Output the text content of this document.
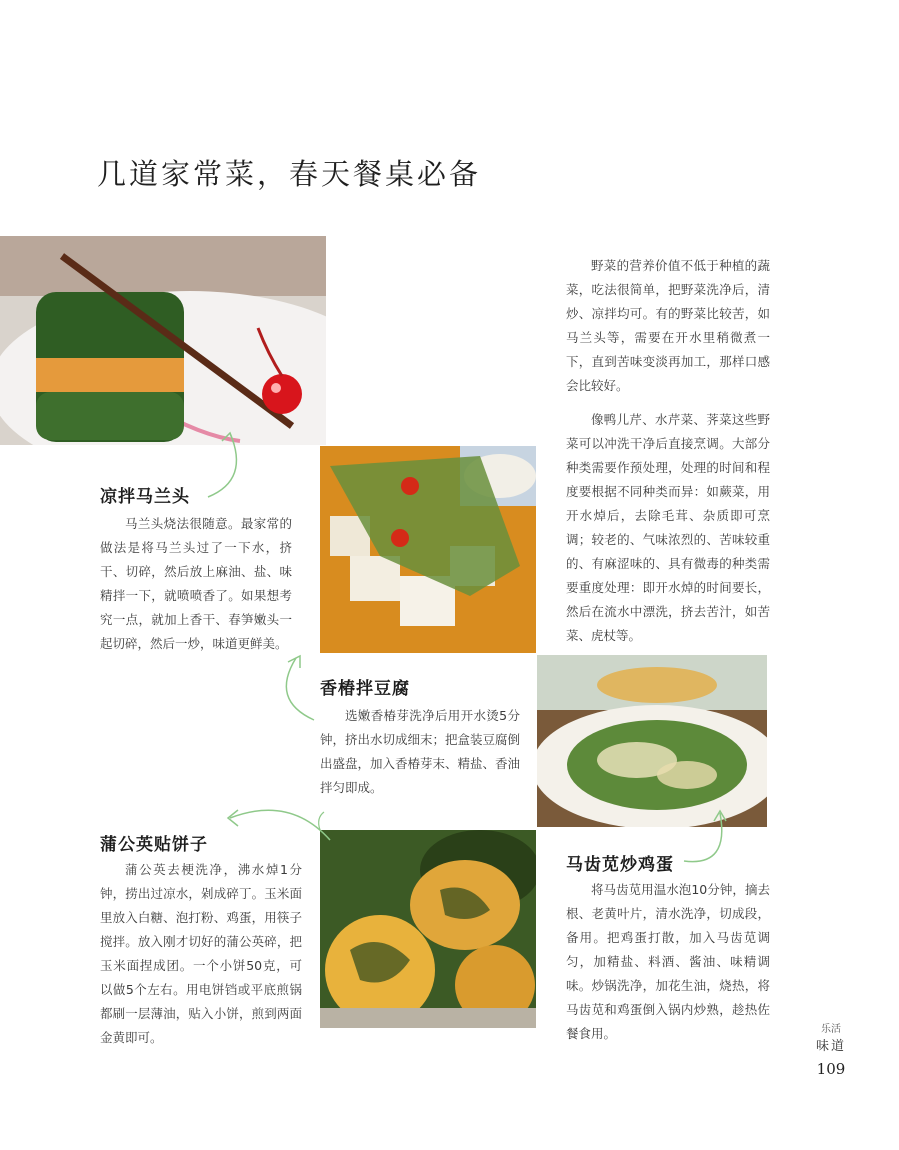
几道家常菜，春天餐桌必备

野菜的营养价值不低于种植的蔬菜，吃法很简单，把野菜洗净后，清炒、凉拌均可。有的野菜比较苦，如马兰头等，需要在开水里稍微煮一下，直到苦味变淡再加工，那样口感会比较好。

像鸭儿芹、水芹菜、荠菜这些野菜可以冲洗干净后直接烹调。大部分种类需要作预处理，处理的时间和程度要根据不同种类而异：如蕨菜，用开水焯后，去除毛茸、杂质即可烹调；较老的、气味浓烈的、苦味较重的、有麻涩味的、具有微毒的种类需要重度处理：即开水焯的时间要长，然后在流水中漂洗，挤去苦汁，如苦菜、虎杖等。

凉拌马兰头

马兰头烧法很随意。最家常的做法是将马兰头过了一下水，挤干、切碎，然后放上麻油、盐、味精拌一下，就喷喷香了。如果想考究一点，就加上香干、春笋嫩头一起切碎，然后一炒，味道更鲜美。

香椿拌豆腐

选嫩香椿芽洗净后用开水烫5分钟，挤出水切成细末；把盒装豆腐倒出盛盘，加入香椿芽末、精盐、香油拌匀即成。

蒲公英贴饼子

蒲公英去梗洗净，沸水焯1分钟，捞出过凉水，剁成碎丁。玉米面里放入白糖、泡打粉、鸡蛋，用筷子搅拌。放入刚才切好的蒲公英碎，把玉米面捏成团。一个小饼50克，可以做5个左右。用电饼铛或平底煎锅都刷一层薄油，贴入小饼，煎到两面金黄即可。

马齿苋炒鸡蛋

将马齿苋用温水泡10分钟，摘去根、老黄叶片，清水洗净，切成段，备用。把鸡蛋打散，加入马齿苋调匀，加精盐、料酒、酱油、味精调味。炒锅洗净，加花生油，烧热，将马齿苋和鸡蛋倒入锅内炒熟，趁热佐餐食用。	乐活
味道
109
